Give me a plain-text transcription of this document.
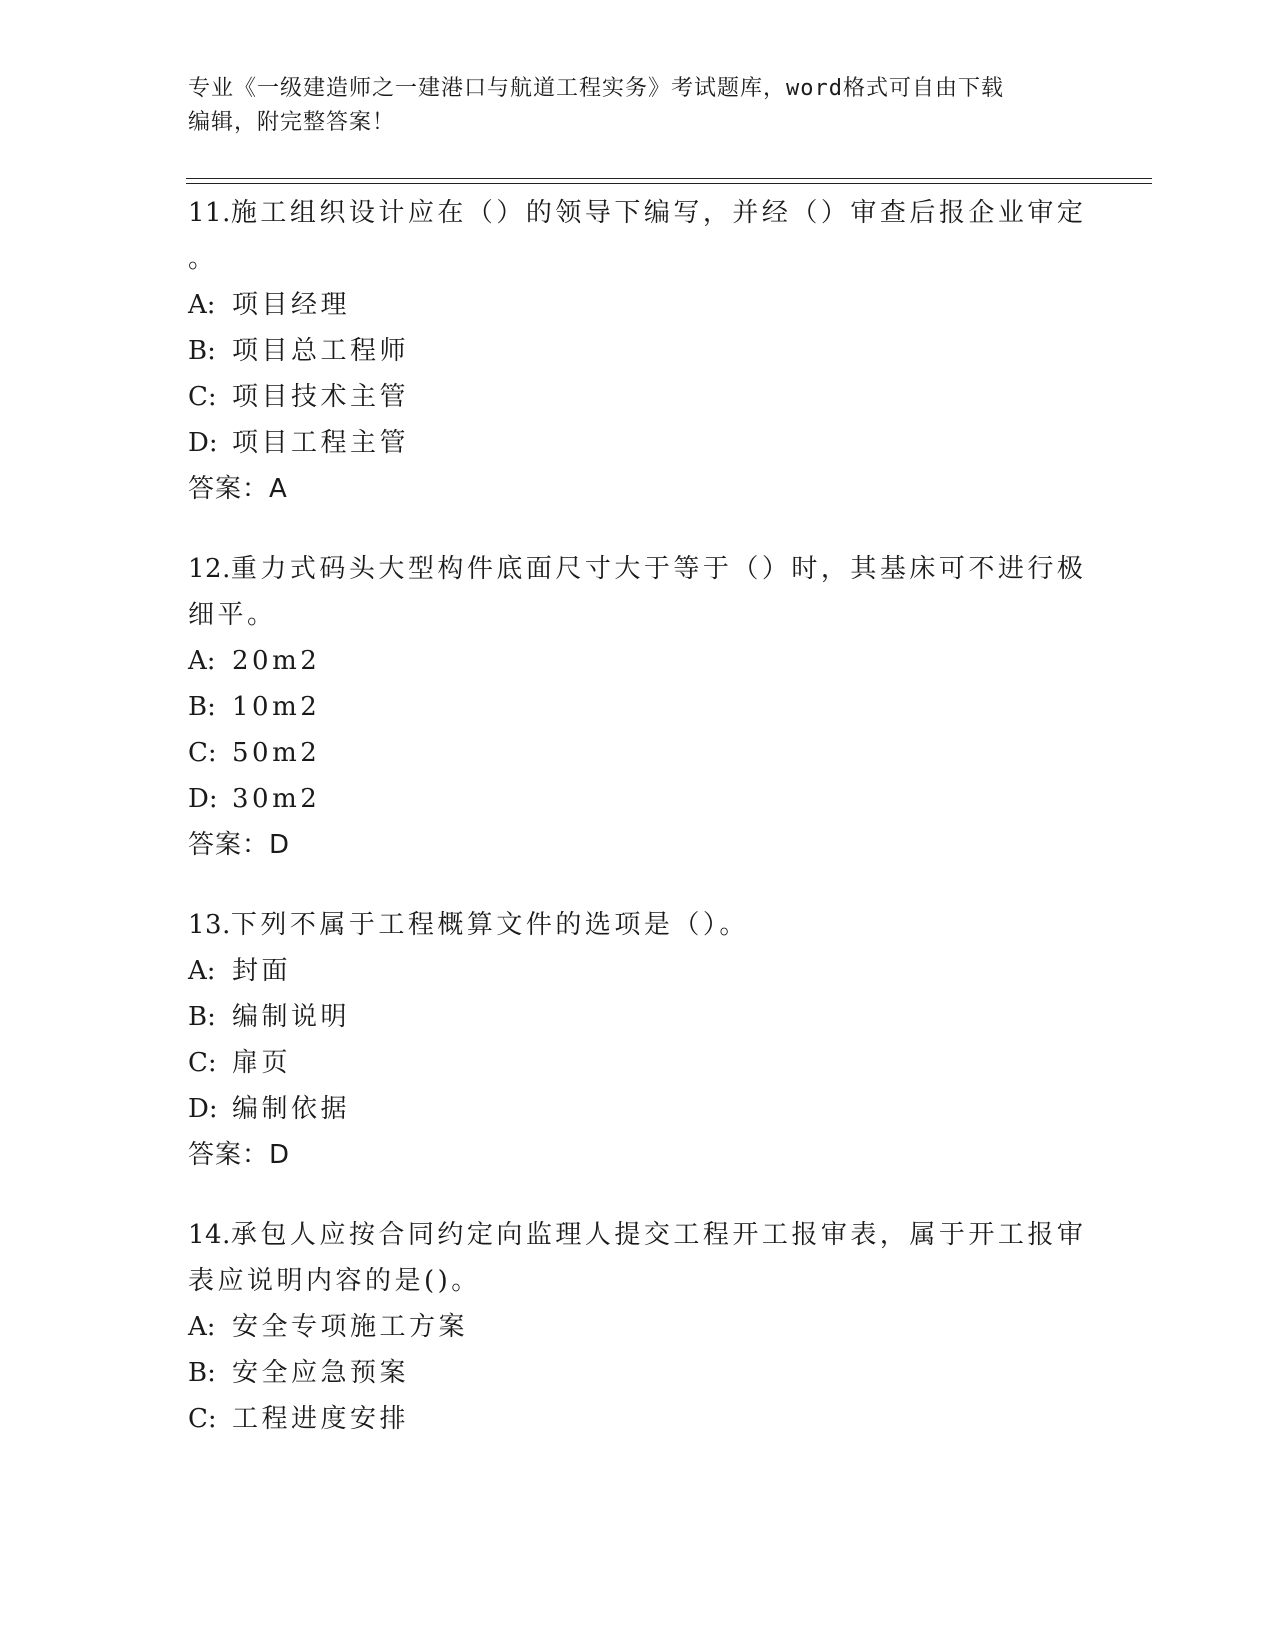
专业《一级建造师之一建港口与航道工程实务》考试题库，word格式可自由下载
编辑，附完整答案！
11.施工组织设计应在（）的领导下编写，并经（）审查后报企业审定
。
A: 项目经理
B: 项目总工程师
C: 项目技术主管
D: 项目工程主管
答案：A
12.重力式码头大型构件底面尺寸大于等于（）时，其基床可不进行极
细平。
A: 20m2
B: 10m2
C: 50m2
D: 30m2
答案：D
13.下列不属于工程概算文件的选项是（）。
A: 封面
B: 编制说明
C: 扉页
D: 编制依据
答案：D
14.承包人应按合同约定向监理人提交工程开工报审表，属于开工报审
表应说明内容的是()。
A: 安全专项施工方案
B: 安全应急预案
C: 工程进度安排
